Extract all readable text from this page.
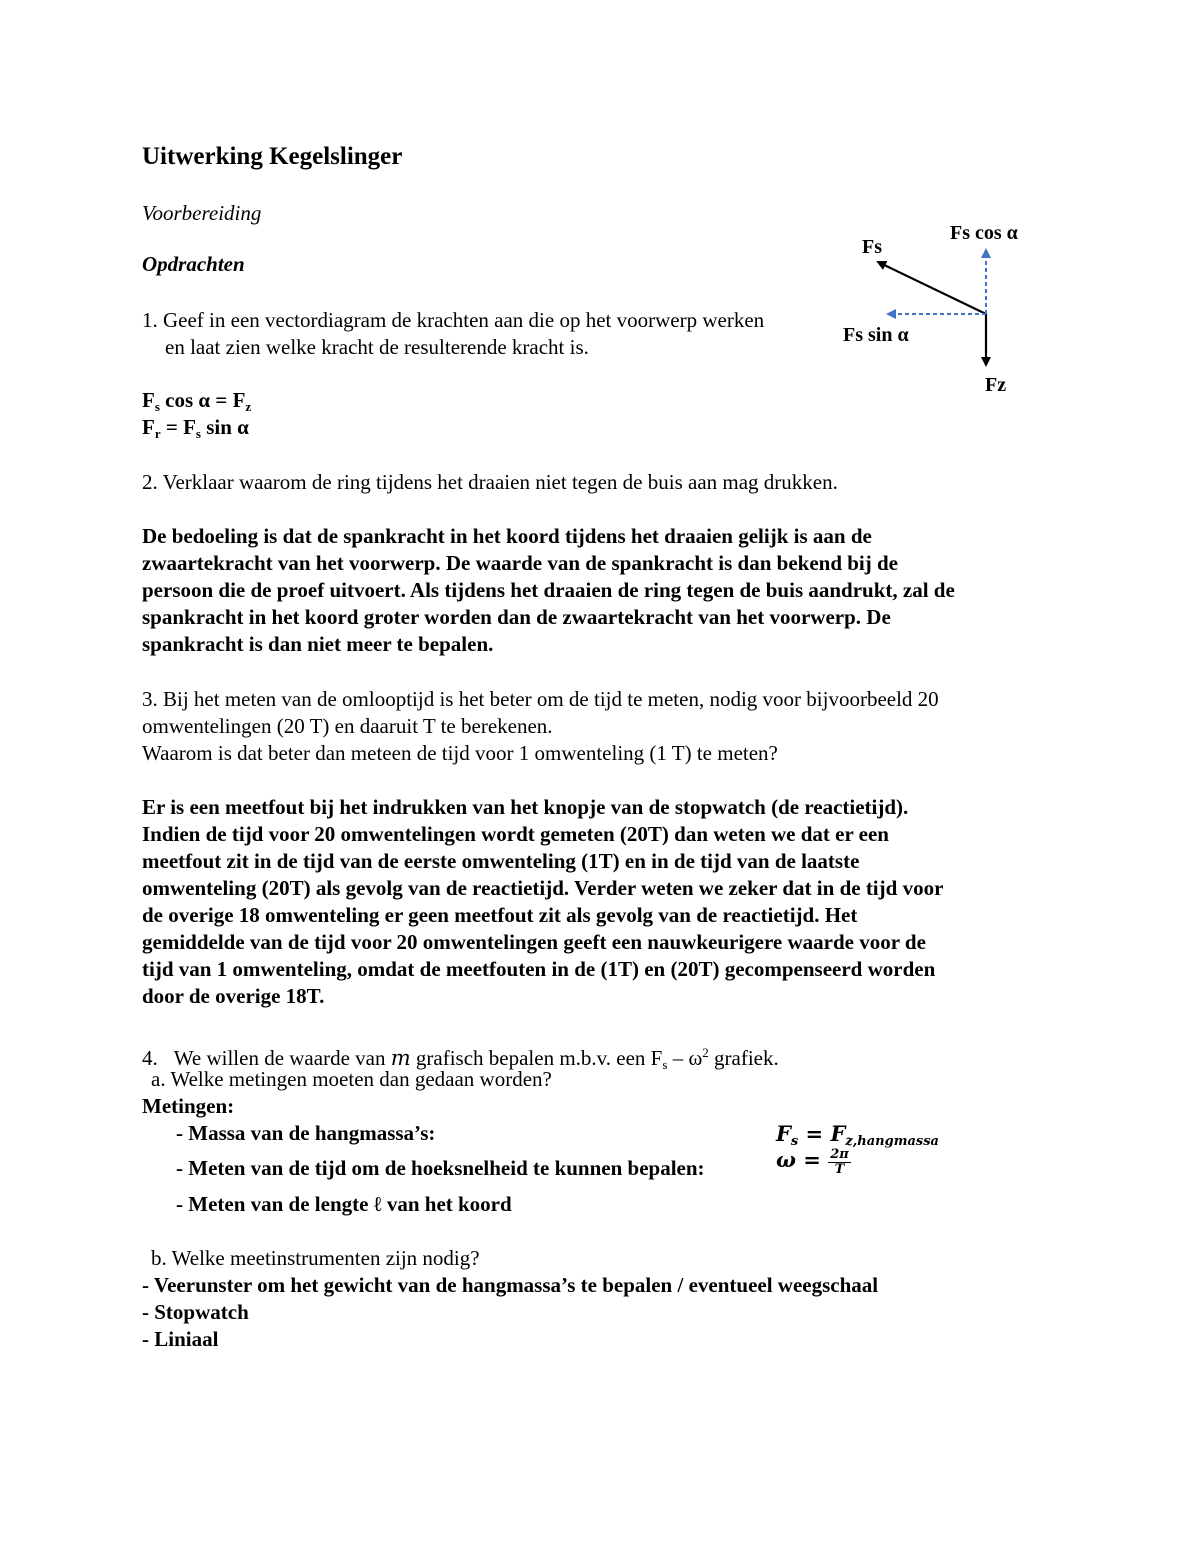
Uitwerking Kegelslinger
Voorbereiding
Opdrachten
1. Geef in een vectordiagram de krachten aan die op het voorwerp werken
en laat zien welke kracht de resulterende kracht is.
Fs cos α
Fs
Fs sin α
Fz
$F_s$ $\cos \alpha = F_z$
$F_r = F_s$ sin α
2. Verklaar waarom de ring tijdens het draaien niet tegen de buis aan mag drukken.
De bedoeling is dat de spankracht in het koord tijdens het draaien gelijk is aan de
zwaartekracht van het voorwerp. De waarde van de spankracht is dan bekend bij de
persoon die de proef uitvoert. Als tijdens het draaien de ring tegen de buis aandrukt, zal de
spankracht in het koord groter worden dan de zwaartekracht van het voorwerp. De
spankracht is dan niet meer te bepalen.
3. Bij het meten van de omlooptijd is het beter om de tijd te meten, nodig voor bijvoorbeeld 20
omwentelingen (20 T) en daaruit T te berekenen.
Waarom is dat beter dan meteen de tijd voor 1 omwenteling (1 T) te meten?
Er is een meetfout bij het indrukken van het knopje van de stopwatch (de reactietijd).
Indien de tijd voor 20 omwentelingen wordt gemeten (20T) dan weten we dat er een
meetfout zit in de tijd van de eerste omwenteling (1T) en in de tijd van de laatste
omwenteling (20T) als gevolg van de reactietijd. Verder weten we zeker dat in de tijd voor
de overige 18 omwenteling er geen meetfout zit als gevolg van de reactietijd. Het
gemiddelde van de tijd voor 20 omwentelingen geeft een nauwkeurigere waarde voor de
tijd van 1 omwenteling, omdat de meetfouten in de (1T) en (20T) gecompenseerd worden
door de overige 18T.
4. We willen de waarde van m grafisch bepalen m.b.v. een $F_s - \omega^2$ grafiek.
a. Welke metingen moeten dan gedaan worden?
Metingen:
- Massa van de hangmassa’s:	$F_s = F_{z,hangmassa}$
- Meten van de tijd om de hoeksnelheid te kunnen bepalen:	$\omega = \frac{2\pi}{T}$
- Meten van de lengte ℓ van het koord
b. Welke meetinstrumenten zijn nodig?
- Veerunster om het gewicht van de hangmassa’s te bepalen / eventueel weegschaal
- Stopwatch
- Liniaal
